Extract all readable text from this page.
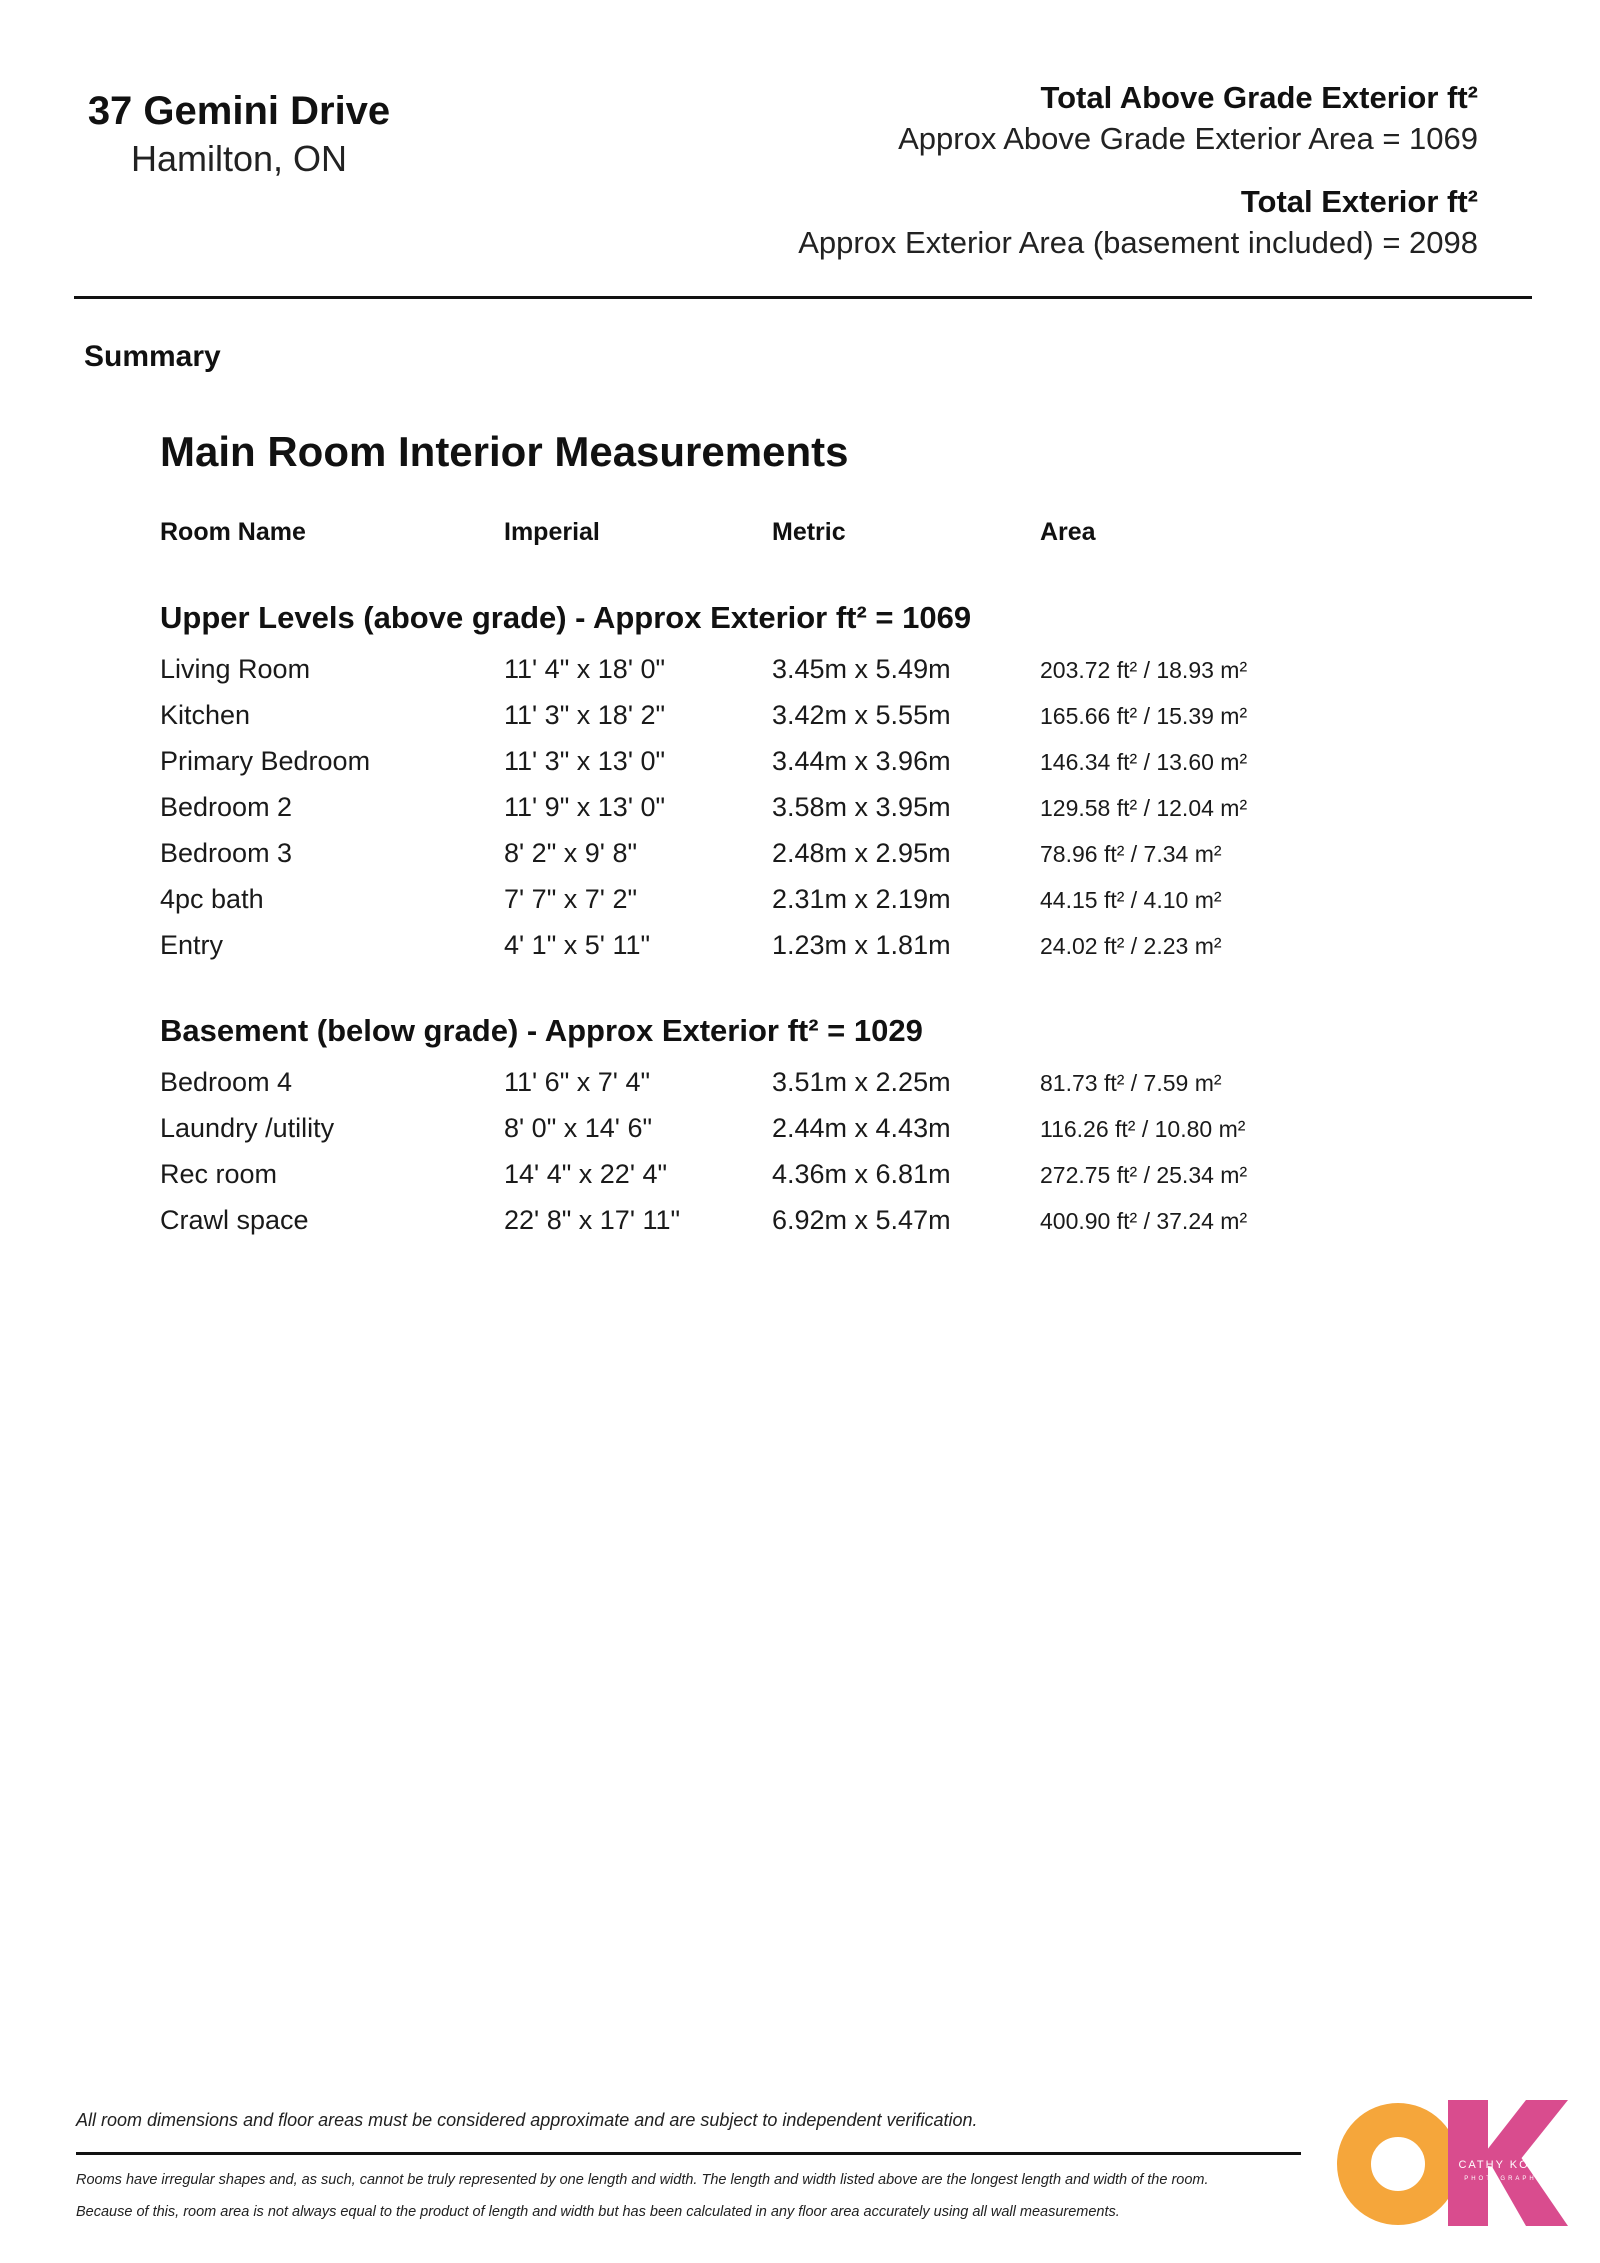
37 Gemini Drive
Hamilton, ON
Total Above Grade Exterior ft²
Approx Above Grade Exterior Area = 1069
Total Exterior ft²
Approx Exterior Area (basement included) = 2098
Summary
Main Room Interior Measurements
Room Name	Imperial	Metric	Area
Upper Levels (above grade) - Approx Exterior ft² = 1069
Living Room	11' 4" x 18' 0"	3.45m x 5.49m	203.72 ft² / 18.93 m²
Kitchen	11' 3" x 18' 2"	3.42m x 5.55m	165.66 ft² / 15.39 m²
Primary Bedroom	11' 3" x 13' 0"	3.44m x 3.96m	146.34 ft² / 13.60 m²
Bedroom 2	11' 9" x 13' 0"	3.58m x 3.95m	129.58 ft² / 12.04 m²
Bedroom 3	8' 2" x 9' 8"	2.48m x 2.95m	78.96 ft² / 7.34 m²
4pc bath	7' 7" x 7' 2"	2.31m x 2.19m	44.15 ft² / 4.10 m²
Entry	4' 1" x 5' 11"	1.23m x 1.81m	24.02 ft² / 2.23 m²
Basement (below grade) - Approx Exterior ft² = 1029
Bedroom 4	11' 6" x 7' 4"	3.51m x 2.25m	81.73 ft² / 7.59 m²
Laundry /utility	8' 0" x 14' 6"	2.44m x 4.43m	116.26 ft² / 10.80 m²
Rec room	14' 4" x 22' 4"	4.36m x 6.81m	272.75 ft² / 25.34 m²
Crawl space	22' 8" x 17' 11"	6.92m x 5.47m	400.90 ft² / 37.24 m²
All room dimensions and floor areas must be considered approximate and are subject to independent verification.
Rooms have irregular shapes and, as such, cannot be truly represented by one length and width. The length and width listed above are the longest length and width of the room.
Because of this, room area is not always equal to the product of length and width but has been calculated in any floor area accurately using all wall measurements.
CATHY KOOP
PHOTOGRAPHY
